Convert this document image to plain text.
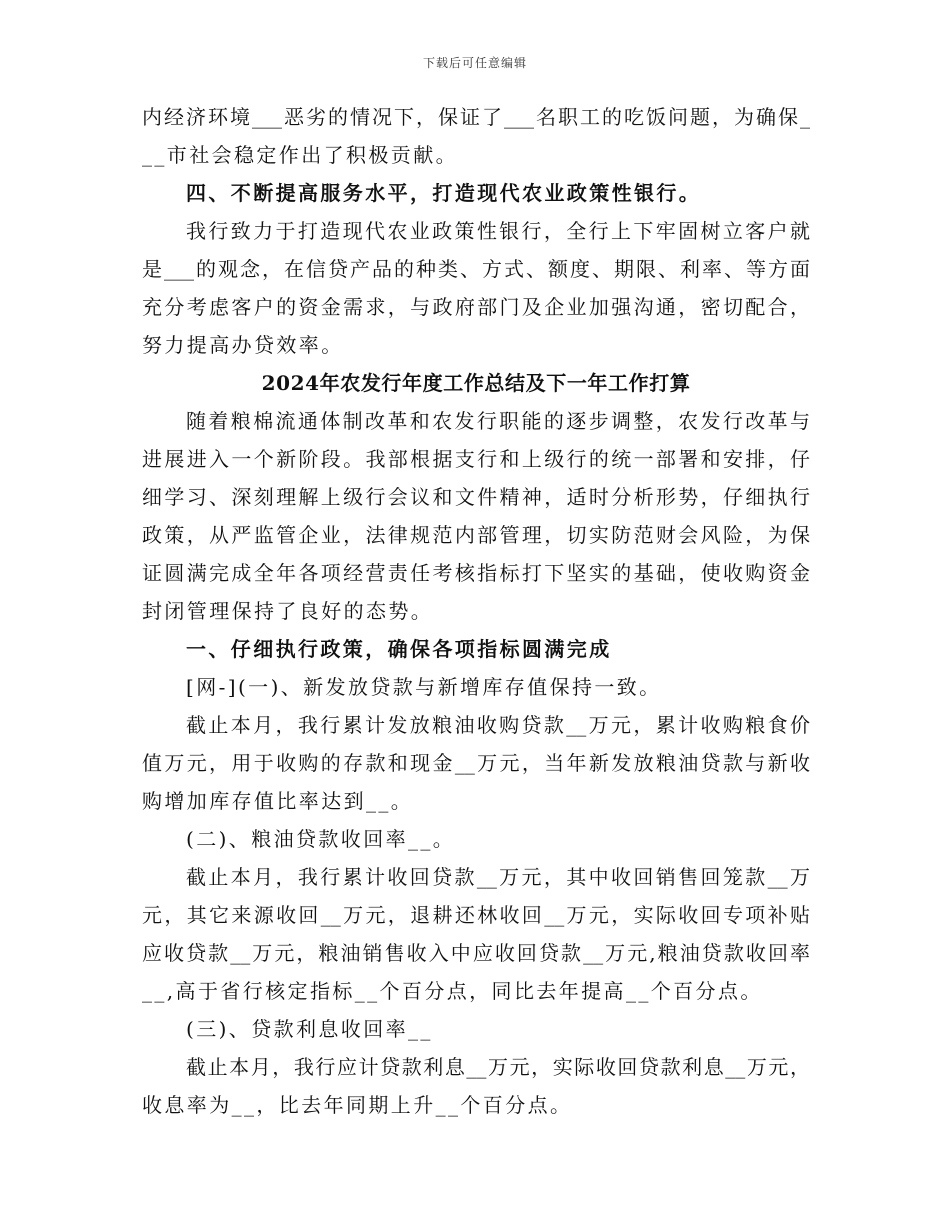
下载后可任意编辑
内经济环境___恶劣的情况下，保证了___名职工的吃饭问题，为确保_
__市社会稳定作出了积极贡献。
四、不断提高服务水平，打造现代农业政策性银行。
我行致力于打造现代农业政策性银行，全行上下牢固树立客户就
是___的观念，在信贷产品的种类、方式、额度、期限、利率、等方面
充分考虑客户的资金需求，与政府部门及企业加强沟通，密切配合，
努力提高办贷效率。
2024年农发行年度工作总结及下一年工作打算
随着粮棉流通体制改革和农发行职能的逐步调整，农发行改革与
进展进入一个新阶段。我部根据支行和上级行的统一部署和安排，仔
细学习、深刻理解上级行会议和文件精神，适时分析形势，仔细执行
政策，从严监管企业，法律规范内部管理，切实防范财会风险，为保
证圆满完成全年各项经营责任考核指标打下坚实的基础，使收购资金
封闭管理保持了良好的态势。
一、仔细执行政策，确保各项指标圆满完成
[网-](一)、新发放贷款与新增库存值保持一致。
截止本月，我行累计发放粮油收购贷款__万元，累计收购粮食价
值万元，用于收购的存款和现金__万元，当年新发放粮油贷款与新收
购增加库存值比率达到__。
(二)、粮油贷款收回率__。
截止本月，我行累计收回贷款__万元，其中收回销售回笼款__万
元，其它来源收回__万元，退耕还林收回__万元，实际收回专项补贴
应收贷款__万元，粮油销售收入中应收回贷款__万元,粮油贷款收回率
__,高于省行核定指标__个百分点，同比去年提高__个百分点。
(三)、贷款利息收回率__
截止本月，我行应计贷款利息__万元，实际收回贷款利息__万元，
收息率为__，比去年同期上升__个百分点。
